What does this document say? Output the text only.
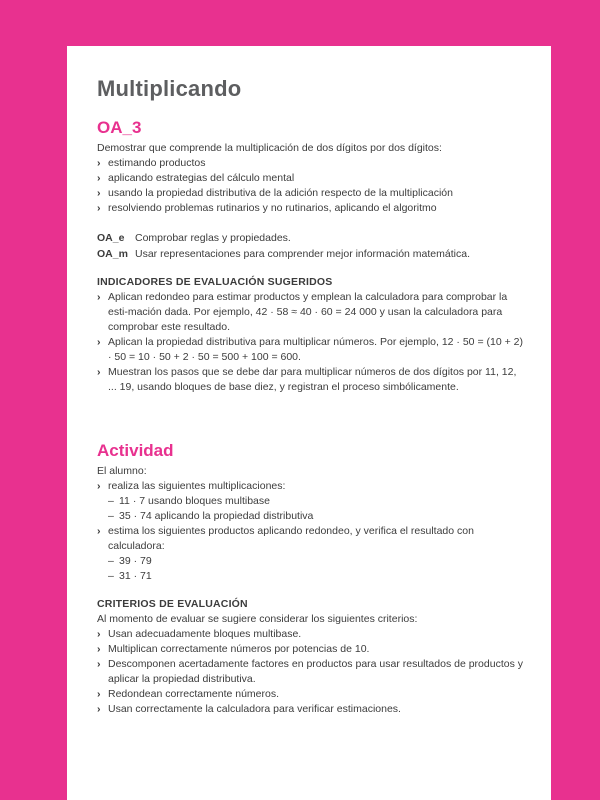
Multiplicando
OA_3

Demostrar que comprende la multiplicación de dos dígitos por dos dígitos:

› estimando productos
› aplicando estrategias del cálculo mental
› usando la propiedad distributiva de la adición respecto de la multiplicación
› resolviendo problemas rutinarios y no rutinarios, aplicando el algoritmo
OA_e	Comprobar reglas y propiedades.
OA_m Usar representaciones para comprender mejor información matemática.
INDICADORES DE EVALUACIÓN SUGERIDOS
› Aplican redondeo para estimar productos y emplean la calculadora para comprobar la esti-mación dada. Por ejemplo, 42 · 58 ≈ 40 · 60 = 24 000 y usan la calculadora para comprobar este resultado.
› Aplican la propiedad distributiva para multiplicar números. Por ejemplo, 12 · 50 = (10 + 2) · 50 = 10 · 50 + 2 · 50 = 500 + 100 = 600.
› Muestran los pasos que se debe dar para multiplicar números de dos dígitos por 11, 12, ... 19, usando bloques de base diez, y registran el proceso simbólicamente.
Actividad

El alumno:

› realiza las siguientes multiplicaciones:
– 11 · 7 usando bloques multibase
– 35 · 74 aplicando la propiedad distributiva
› estima los siguientes productos aplicando redondeo, y verifica el resultado con calculadora:
– 39 · 79
– 31 · 71
CRITERIOS DE EVALUACIÓN

Al momento de evaluar se sugiere considerar los siguientes criterios:

› Usan adecuadamente bloques multibase.
› Multiplican correctamente números por potencias de 10.
› Descomponen acertadamente factores en productos para usar resultados de productos y aplicar la propiedad distributiva.
› Redondean correctamente números.
› Usan correctamente la calculadora para verificar estimaciones.
